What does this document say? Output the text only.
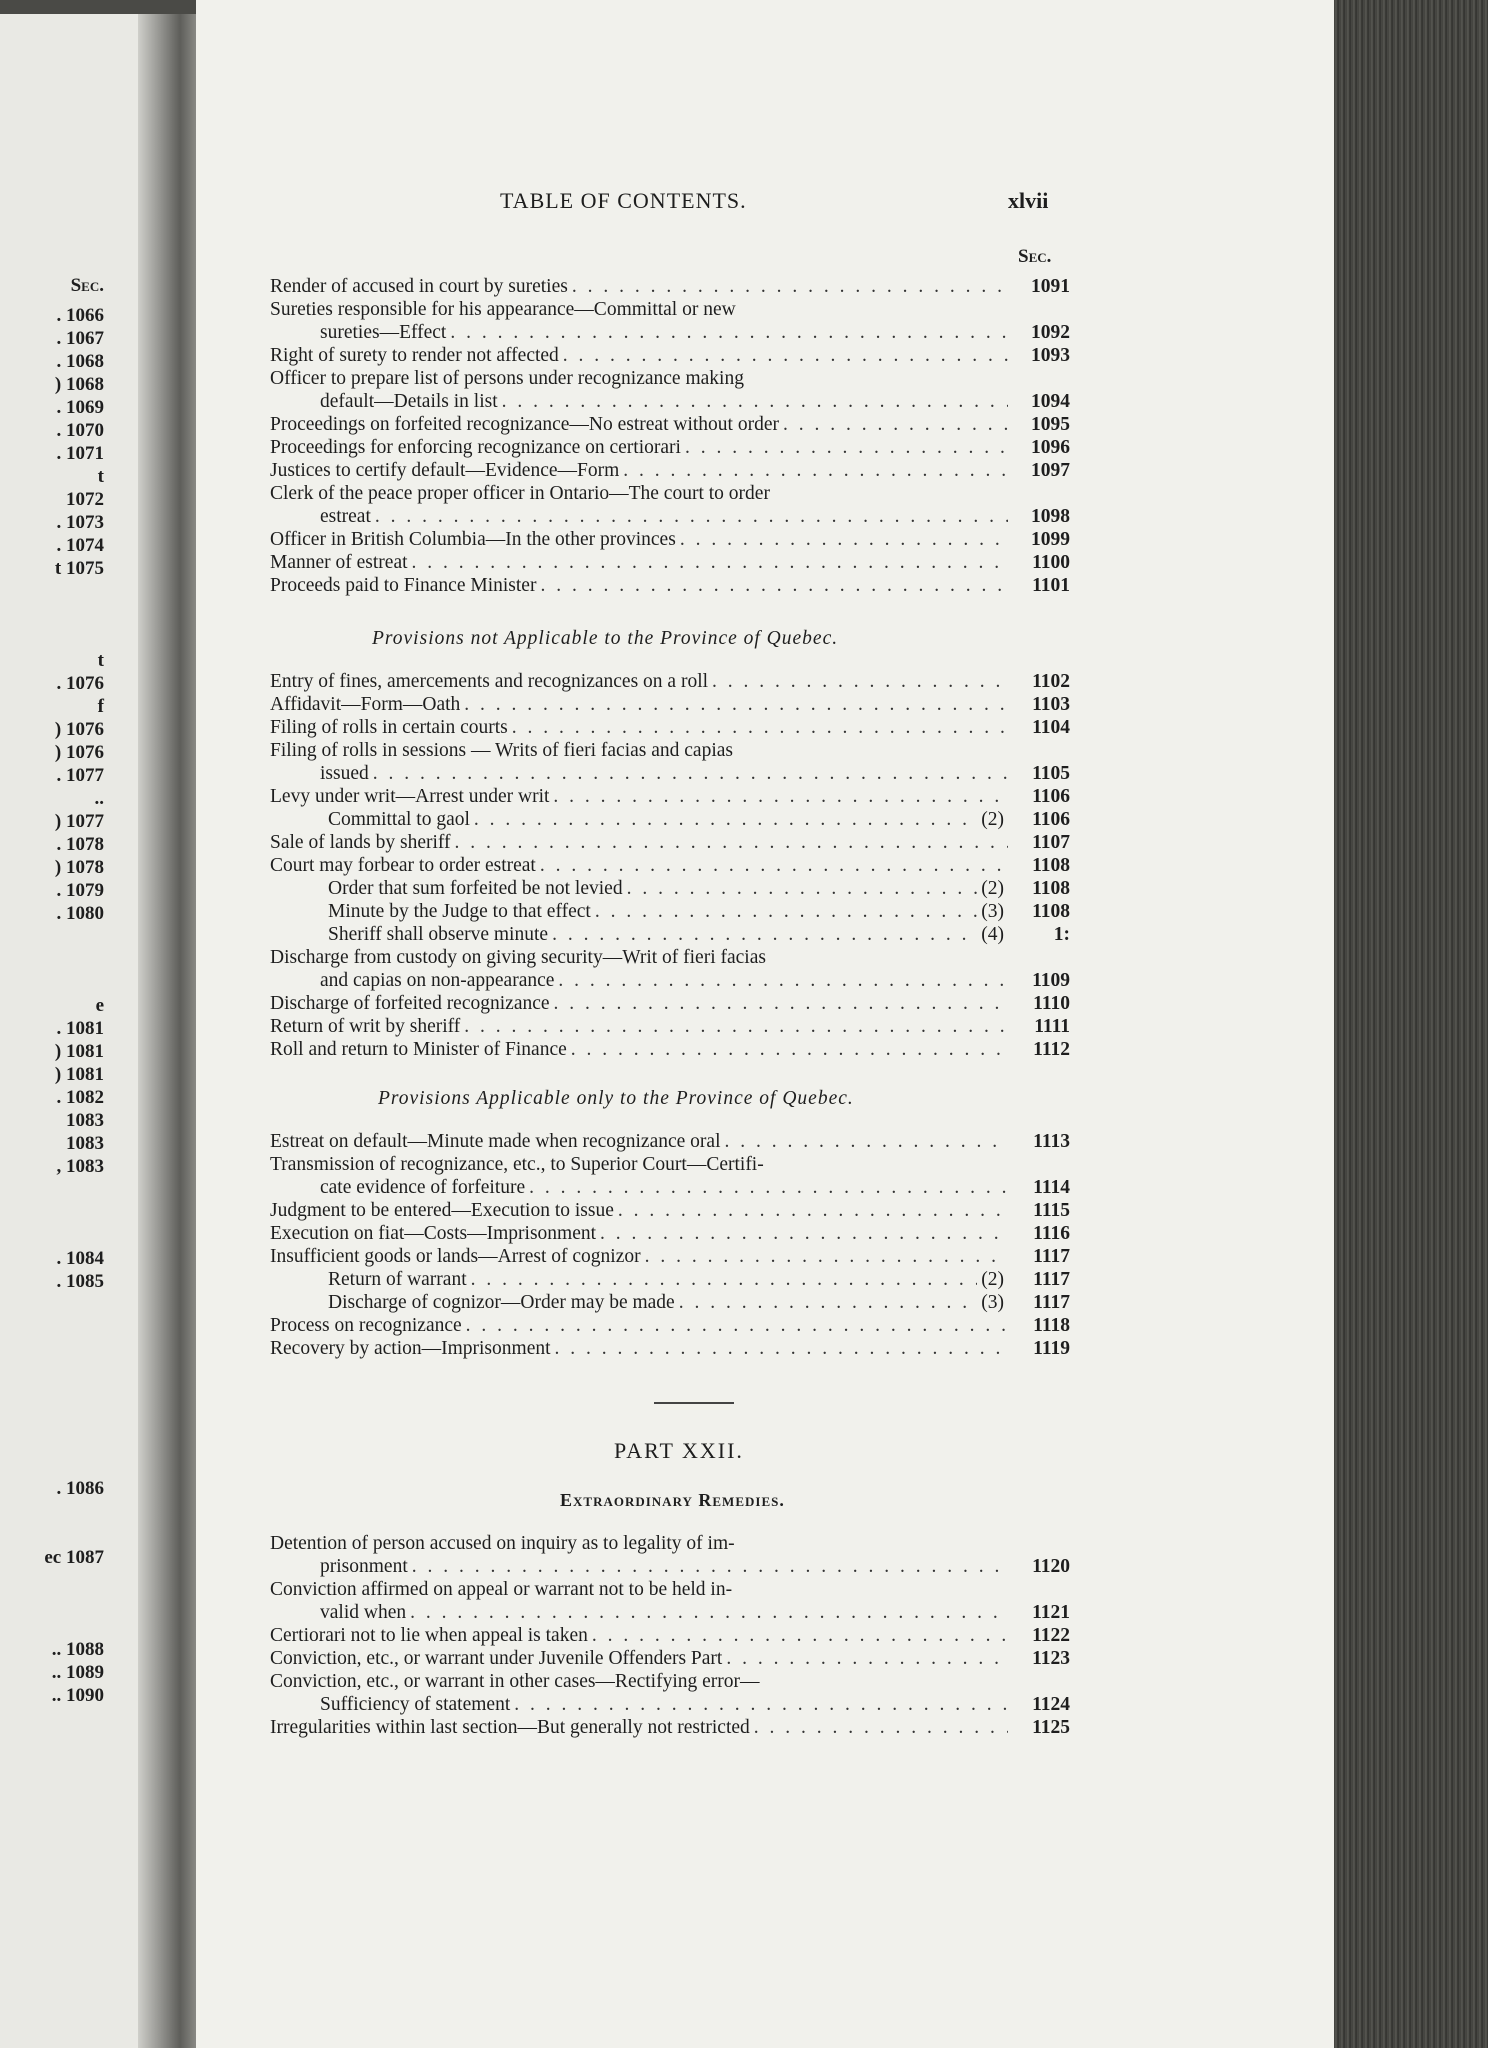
Sec.
. 1066
. 1067
. 1068
) 1068
. 1069
. 1070
. 1071
t
1072
. 1073
. 1074
t 1075
t
. 1076
f
) 1076
) 1076
. 1077
..
) 1077
. 1078
) 1078
. 1079
. 1080
e
. 1081
) 1081
) 1081
. 1082
1083
1083
, 1083
. 1084
. 1085
. 1086
ec 1087
.. 1088
.. 1089
.. 1090
TABLE OF CONTENTS.	xlvii
Sec.
Render of accused in court by sureties . . .	1091
Sureties responsible for his appearance—Committal or new
sureties—Effect . . .	1092
Right of surety to render not affected . . .	1093
Officer to prepare list of persons under recognizance making
default—Details in list . . .	1094
Proceedings on forfeited recognizance—No estreat without order . . .	1095
Proceedings for enforcing recognizance on certiorari . . .	1096
Justices to certify default—Evidence—Form . . .	1097
Clerk of the peace proper officer in Ontario—The court to order
estreat . . .	1098
Officer in British Columbia—In the other provinces . . .	1099
Manner of estreat . . .	1100
Proceeds paid to Finance Minister . . .	1101
Provisions not Applicable to the Province of Quebec.
Entry of fines, amercements and recognizances on a roll . . .	1102
Affidavit—Form—Oath . . .	1103
Filing of rolls in certain courts . . .	1104
Filing of rolls in sessions — Writs of fieri facias and capias
issued . . .	1105
Levy under writ—Arrest under writ . . .	1106
Committal to gaol . . .	(2)	1106
Sale of lands by sheriff . . .	1107
Court may forbear to order estreat . . .	1108
Order that sum forfeited be not levied . . .	(2)	1108
Minute by the Judge to that effect . . .	(3)	1108
Sheriff shall observe minute . . .	(4)	1:
Discharge from custody on giving security—Writ of fieri facias
and capias on non-appearance . . .	1109
Discharge of forfeited recognizance . . .	1110
Return of writ by sheriff . . .	1111
Roll and return to Minister of Finance . . .	1112
Provisions Applicable only to the Province of Quebec.
Estreat on default—Minute made when recognizance oral . . .	1113
Transmission of recognizance, etc., to Superior Court—Certifi-
cate evidence of forfeiture . . .	1114
Judgment to be entered—Execution to issue . . .	1115
Execution on fiat—Costs—Imprisonment . . .	1116
Insufficient goods or lands—Arrest of cognizor . . .	1117
Return of warrant . . .	(2)	1117
Discharge of cognizor—Order may be made . . .	(3)	1117
Process on recognizance . . .	1118
Recovery by action—Imprisonment . . .	1119
PART XXII.
Extraordinary Remedies.
Detention of person accused on inquiry as to legality of im-
prisonment . . .	1120
Conviction affirmed on appeal or warrant not to be held in-
valid when . . .	1121
Certiorari not to lie when appeal is taken . . .	1122
Conviction, etc., or warrant under Juvenile Offenders Part . . .	1123
Conviction, etc., or warrant in other cases—Rectifying error—
Sufficiency of statement . . .	1124
Irregularities within last section—But generally not restricted . . .	1125
